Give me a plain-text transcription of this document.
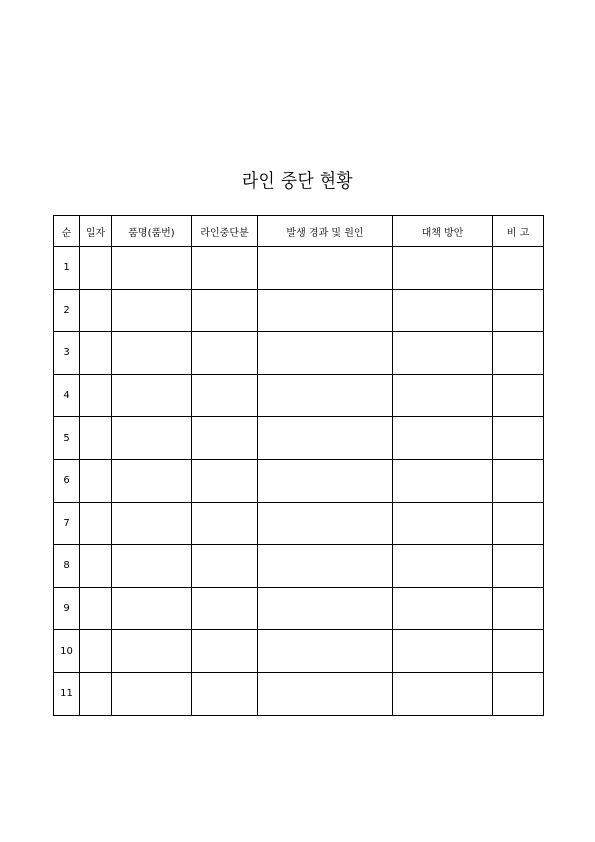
라인 중단 현황
순	일자	품명(품번)	라인중단분	발생 경과 및 원인	대책 방안	비 고
1						
2						
3						
4						
5						
6						
7						
8						
9						
10						
11						
